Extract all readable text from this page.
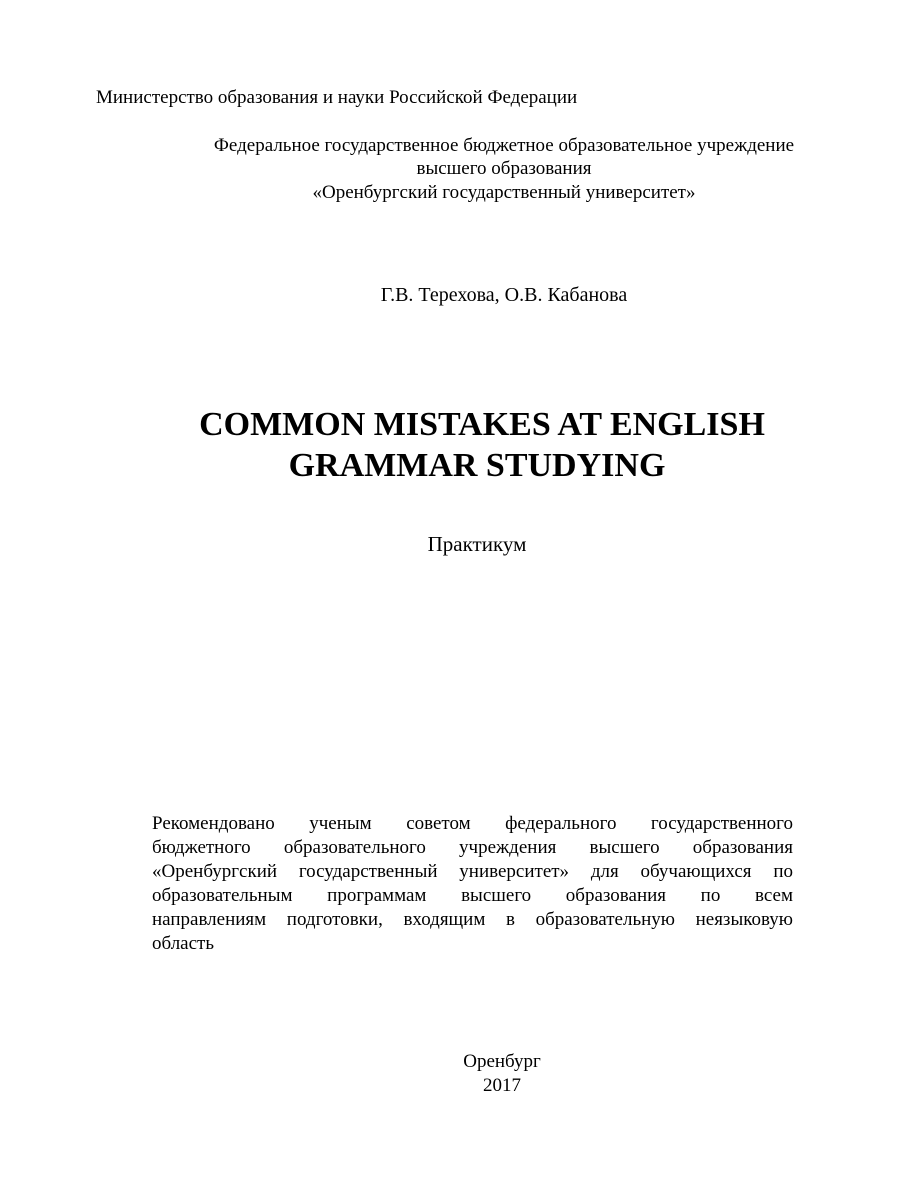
Министерство образования и науки Российской Федерации
Федеральное государственное бюджетное образовательное учреждение
высшего образования
«Оренбургский государственный университет»
Г.В. Терехова, О.В. Кабанова
COMMON MISTAKES AT ENGLISH
GRAMMAR STUDYING
Практикум
Рекомендовано ученым советом федерального государственного
бюджетного образовательного учреждения высшего образования
«Оренбургский государственный университет» для обучающихся по
образовательным программам высшего образования по всем
направлениям подготовки, входящим в образовательную неязыковую
область
Оренбург
2017
